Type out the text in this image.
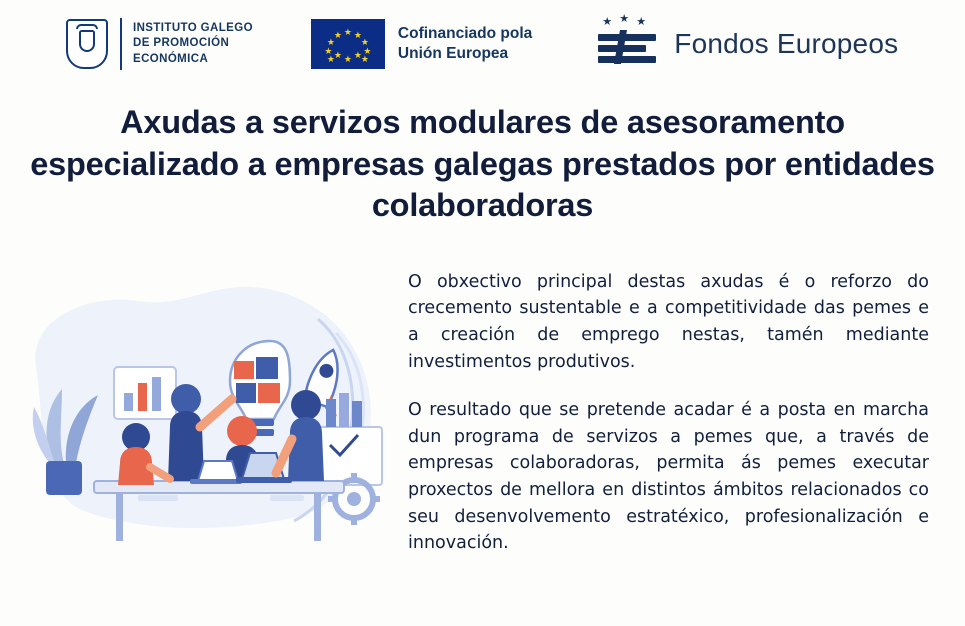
INSTITUTO GALEGO
DE PROMOCIÓN
ECONÓMICA
★ ★
★
★
★
★
★
★
★
★
★
★	Cofinanciado pola
Unión Europea
★ ★ ★
Fondos Europeos
Axudas a servizos modulares de asesoramento especializado a empresas galegas prestados por entidades colaboradoras

O obxectivo principal destas axudas é o reforzo do crecemento sustentable e a competitividade das pemes e a creación de emprego nestas, tamén mediante investimentos produtivos.

O resultado que se pretende acadar é a posta en marcha dun programa de servizos a pemes que, a través de empresas colaboradoras, permita ás pemes executar proxectos de mellora en distintos ámbitos relacionados co seu desenvolvemento estratéxico, profesionalización e innovación.
